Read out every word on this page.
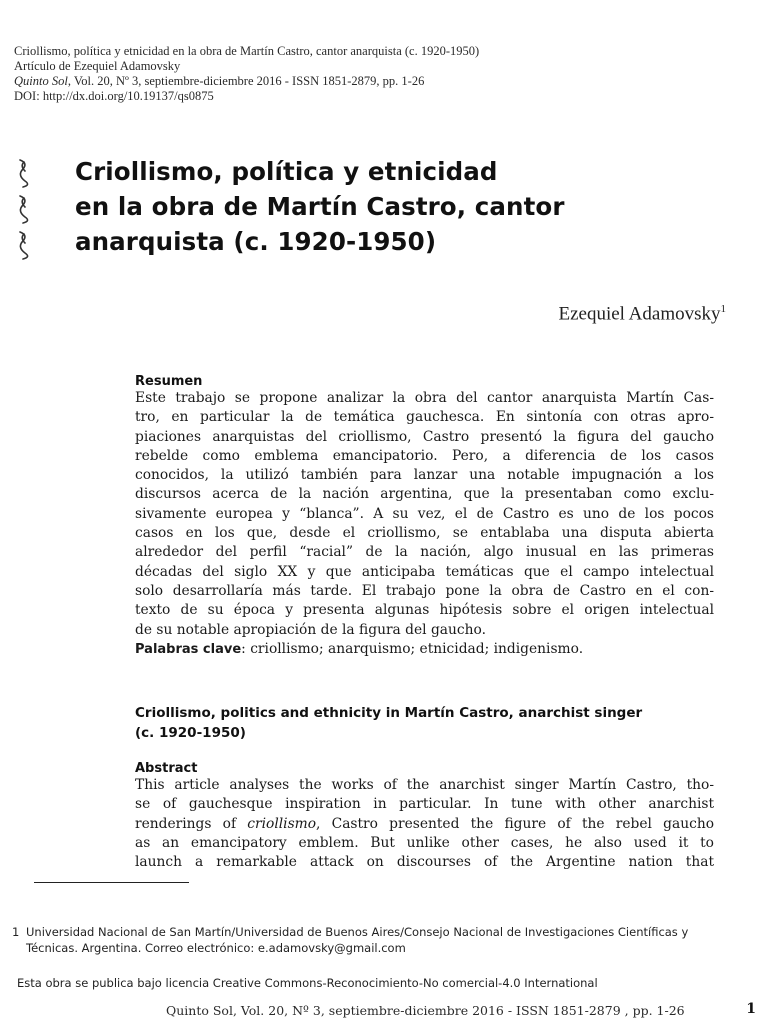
Criollismo, política y etnicidad en la obra de Martín Castro, cantor anarquista (c. 1920-1950)
Artículo de Ezequiel Adamovsky
Quinto Sol, Vol. 20, Nº 3, septiembre-diciembre 2016 - ISSN 1851-2879, pp. 1-26
DOI: http://dx.doi.org/10.19137/qs0875
Criollismo, política y etnicidad
en la obra de Martín Castro, cantor
anarquista (c. 1920-1950)
Ezequiel Adamovsky$^1$
Resumen
Este trabajo se propone analizar la obra del cantor anarquista Martín Cas-
tro, en particular la de temática gauchesca. En sintonía con otras apro-
piaciones anarquistas del criollismo, Castro presentó la figura del gaucho
rebelde como emblema emancipatorio. Pero, a diferencia de los casos
conocidos, la utilizó también para lanzar una notable impugnación a los
discursos acerca de la nación argentina, que la presentaban como exclu-
sivamente europea y “blanca”. A su vez, el de Castro es uno de los pocos
casos en los que, desde el criollismo, se entablaba una disputa abierta
alrededor del perfil “racial” de la nación, algo inusual en las primeras
décadas del siglo XX y que anticipaba temáticas que el campo intelectual
solo desarrollaría más tarde. El trabajo pone la obra de Castro en el con-
texto de su época y presenta algunas hipótesis sobre el origen intelectual
de su notable apropiación de la figura del gaucho.
Palabras clave: criollismo; anarquismo; etnicidad; indigenismo.
Criollismo, politics and ethnicity in Martín Castro, anarchist singer
(c. 1920-1950)
Abstract
This article analyses the works of the anarchist singer Martín Castro, tho-
se of gauchesque inspiration in particular. In tune with other anarchist
renderings of criollismo, Castro presented the figure of the rebel gaucho
as an emancipatory emblem. But unlike other cases, he also used it to
launch a remarkable attack on discourses of the Argentine nation that
1 Universidad Nacional de San Martín/Universidad de Buenos Aires/Consejo Nacional de Investigaciones Científicas y
Técnicas. Argentina. Correo electrónico: e.adamovsky@gmail.com
Esta obra se publica bajo licencia Creative Commons-Reconocimiento-No comercial-4.0 International
Quinto Sol, Vol. 20, Nº 3, septiembre-diciembre 2016 - ISSN 1851-2879 , pp. 1-26	1
